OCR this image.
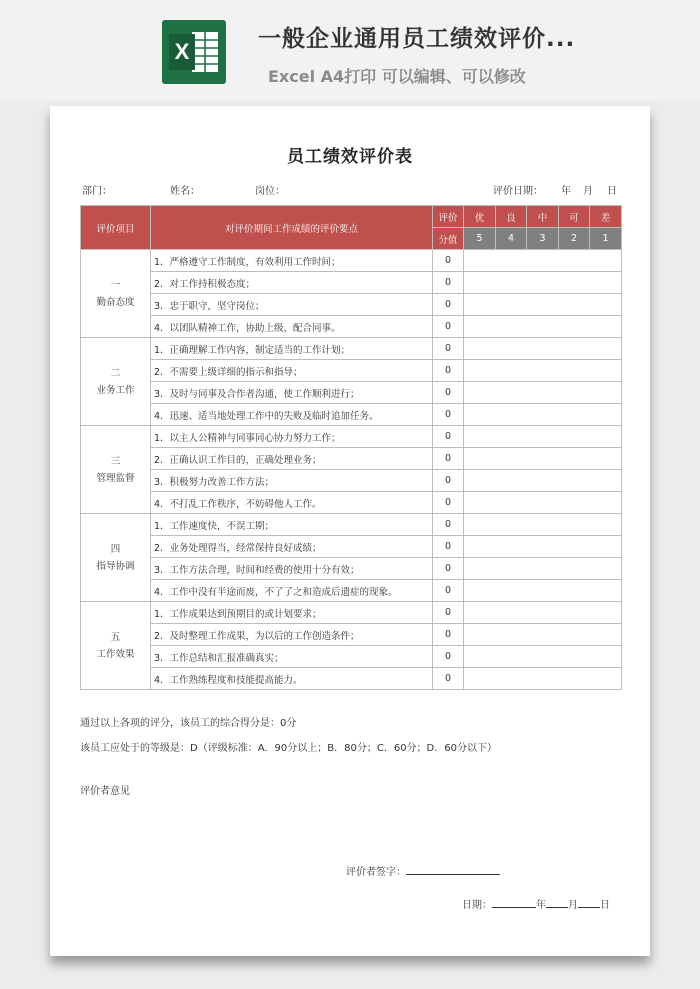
X	一般企业通用员工绩效评价...
Excel A4打印 可以编辑、可以修改
员工绩效评价表
部门：	姓名：	岗位：	评价日期： 年 月 日
评价项目	对评价期间工作成绩的评价要点	评价	优	良	中	可	差
		分值	5	4	3	2	1

一
勤奋态度	1．严格遵守工作制度，有效利用工作时间；	0					
	2．对工作持积极态度；	0					
	3．忠于职守，坚守岗位；	0					
	4．以团队精神工作，协助上级，配合同事。	0					

二
业务工作	1．正确理解工作内容，制定适当的工作计划；	0					
	2．不需要上级详细的指示和指导；	0					
	3．及时与同事及合作者沟通，使工作顺利进行；	0					
	4．迅速、适当地处理工作中的失败及临时追加任务。	0					

三
管理监督	1．以主人公精神与同事同心协力努力工作；	0					
	2．正确认识工作目的，正确处理业务；	0					
	3．积极努力改善工作方法；	0					
	4．不打乱工作秩序，不妨碍他人工作。	0					

四
指导协调	1．工作速度快，不误工期；	0					
	2．业务处理得当，经常保持良好成绩；	0					
	3．工作方法合理，时间和经费的使用十分有效；	0					
	4．工作中没有半途而废，不了了之和造成后遗症的现象。	0					

五
工作效果	1．工作成果达到预期目的或计划要求；	0					
	2．及时整理工作成果，为以后的工作创造条件；	0					
	3．工作总结和汇报准确真实；	0					
	4．工作熟练程度和技能提高能力。	0					
通过以上各项的评分，该员工的综合得分是：0分
该员工应处于的等级是：D（评级标准：A．90分以上；B．80分；C．60分；D．60分以下）
评价者意见
评价者签字：
日期：	年 月 日
